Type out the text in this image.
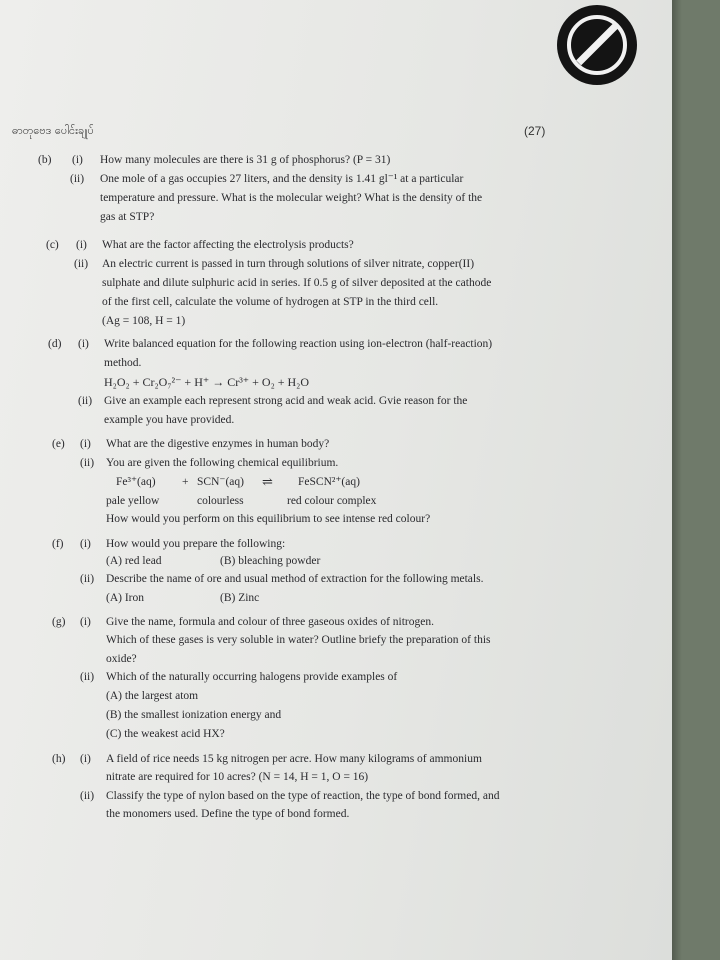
ဓာတုဗေဒ ပေါင်းချုပ်	(27)
(b) (i) How many molecules are there is 31 g of phosphorus? (P = 31)
(ii) One mole of a gas occupies 27 liters, and the density is 1.41 gl⁻¹ at a particular
temperature and pressure. What is the molecular weight? What is the density of the
gas at STP?
(c) (i) What are the factor affecting the electrolysis products?
(ii) An electric current is passed in turn through solutions of silver nitrate, copper(II)
sulphate and dilute sulphuric acid in series. If 0.5 g of silver deposited at the cathode
of the first cell, calculate the volume of hydrogen at STP in the third cell.
(Ag = 108, H = 1)
(d) (i) Write balanced equation for the following reaction using ion-electron (half-reaction)
method.
H₂O₂ + Cr₂O₇²⁻ + H⁺ → Cr³⁺ + O₂ + H₂O
(ii) Give an example each represent strong acid and weak acid. Gvie reason for the
example you have provided.
(e) (i) What are the digestive enzymes in human body?
(ii) You are given the following chemical equilibrium.
Fe³⁺(aq) + SCN⁻(aq) ⇌ FeSCN²⁺(aq)
pale yellow	colourless	red colour complex
How would you perform on this equilibrium to see intense red colour?
(f) (i) How would you prepare the following:
(A) red lead	(B) bleaching powder
(ii) Describe the name of ore and usual method of extraction for the following metals.
(A) Iron	(B) Zinc
(g) (i) Give the name, formula and colour of three gaseous oxides of nitrogen.
Which of these gases is very soluble in water? Outline briefy the preparation of this
oxide?
(ii) Which of the naturally occurring halogens provide examples of
(A) the largest atom
(B) the smallest ionization energy and
(C) the weakest acid HX?
(h) (i) A field of rice needs 15 kg nitrogen per acre. How many kilograms of ammonium
nitrate are required for 10 acres? (N = 14, H = 1, O = 16)
(ii) Classify the type of nylon based on the type of reaction, the type of bond formed, and
the monomers used. Define the type of bond formed.
